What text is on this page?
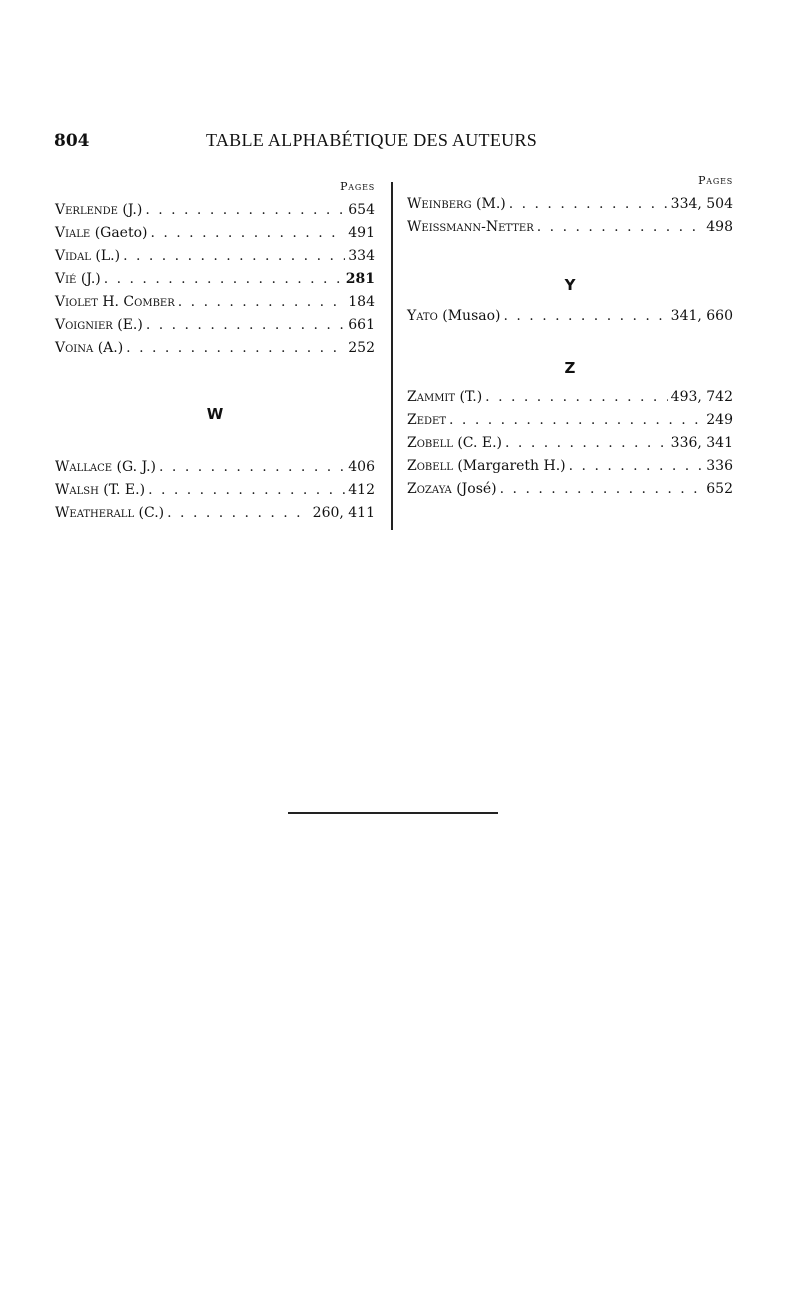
804	TABLE ALPHABÉTIQUE DES AUTEURS
Pages
Verlende (J.) . . .	654
Viale (Gaeto) . . .	491
Vidal (L.) . . .	334
Vié (J.) . . .	281
Violet H. Comber . . .	184
Voignier (E.) . . .	661
Voina (A.) . . .	252
W
Wallace (G. J.) . . .	406
Walsh (T. E.) . . .	412
Weatherall (C.) . . .	260, 411
Pages
Weinberg (M.) . . .	334, 504
Weissmann-Netter . . .	498
Y
Yato (Musao) . . .	341, 660
Z
Zammit (T.) . . .	493, 742
Zedet . . .	249
Zobell (C. E.) . . .	336, 341
Zobell (Margareth H.) . . .	336
Zozaya (José) . . .	652
